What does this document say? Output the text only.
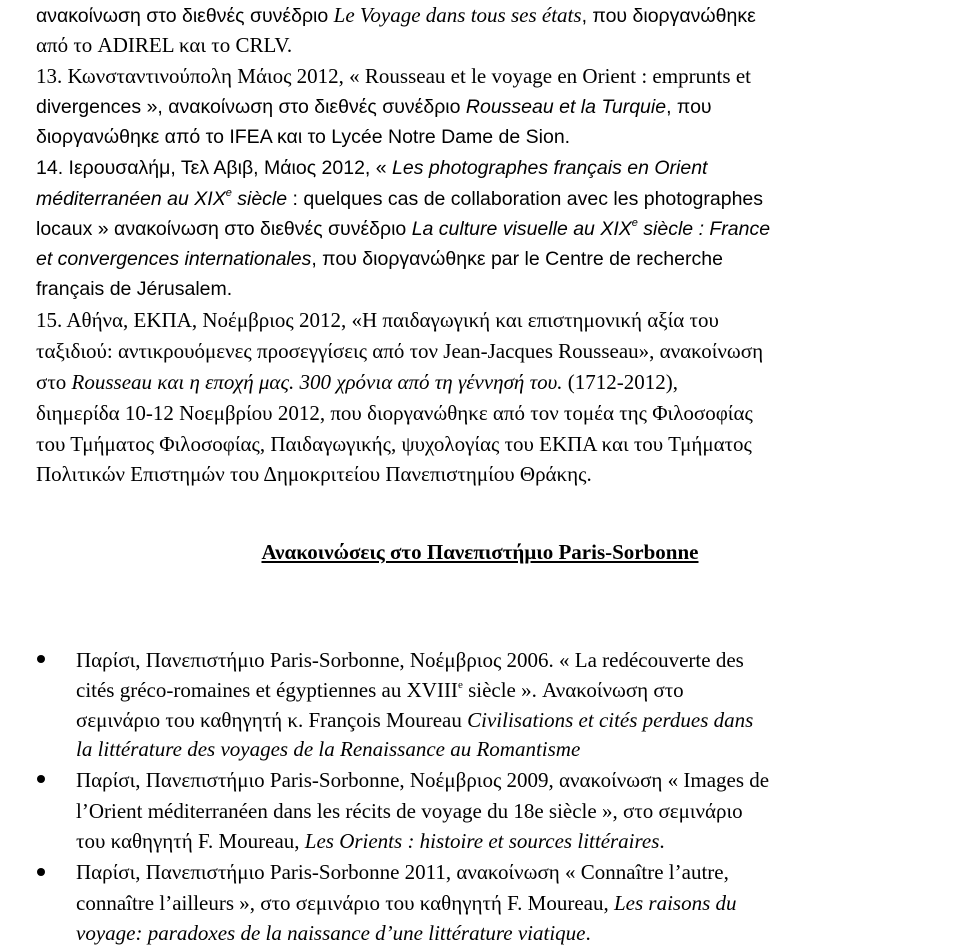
ανακοίνωση στο διεθνές συνέδριο Le Voyage dans tous ses états, που διοργανώθηκε
από το ADIREL και το CRLV.
13. Κωνσταντινούπολη Μάιος 2012, « Rousseau et le voyage en Orient : emprunts et
divergences », ανακοίνωση στο διεθνές συνέδριο Rousseau et la Turquie, που
διοργανώθηκε από το IFEA και το Lycée Notre Dame de Sion.
14. Ιερουσαλήμ, Τελ Αβιβ, Μάιος 2012, « Les photographes français en Orient
méditerranéen au XIXe siècle : quelques cas de collaboration avec les photographes
locaux » ανακοίνωση στο διεθνές συνέδριο La culture visuelle au XIXe siècle : France
et convergences internationales, που διοργανώθηκε par le Centre de recherche
français de Jérusalem.
15. Αθήνα, ΕΚΠΑ, Νοέμβριος 2012, «Η παιδαγωγική και επιστημονική αξία του
ταξιδιού: αντικρουόμενες προσεγγίσεις από τον Jean-Jacques Rousseau», ανακοίνωση
στο Rousseau και η εποχή μας. 300 χρόνια από τη γέννησή του. (1712-2012),
διημερίδα 10-12 Νοεμβρίου 2012, που διοργανώθηκε από τον τομέα της Φιλοσοφίας
του Τμήματος Φιλοσοφίας, Παιδαγωγικής, ψυχολογίας του ΕΚΠΑ και του Τμήματος
Πολιτικών Επιστημών του Δημοκριτείου Πανεπιστημίου Θράκης.
Ανακοινώσεις στο Πανεπιστήμιο Paris-Sorbonne
Παρίσι, Πανεπιστήμιο Paris-Sorbonne, Νοέμβριος 2006. « La redécouverte des
cités gréco-romaines et égyptiennes au XVIIIe siècle ». Ανακοίνωση στο
σεμινάριο του καθηγητή κ. François Moureau Civilisations et cités perdues dans
la littérature des voyages de la Renaissance au Romantisme
Παρίσι, Πανεπιστήμιο Paris-Sorbonne, Νοέμβριος 2009, ανακοίνωση « Images de
l’Orient méditerranéen dans les récits de voyage du 18e siècle », στο σεμινάριο
του καθηγητή F. Moureau, Les Orients : histoire et sources littéraires.
Παρίσι, Πανεπιστήμιο Paris-Sorbonne 2011, ανακοίνωση « Connaître l’autre,
connaître l’ailleurs », στο σεμινάριο του καθηγητή F. Moureau, Les raisons du
voyage: paradoxes de la naissance d’une littérature viatique.
